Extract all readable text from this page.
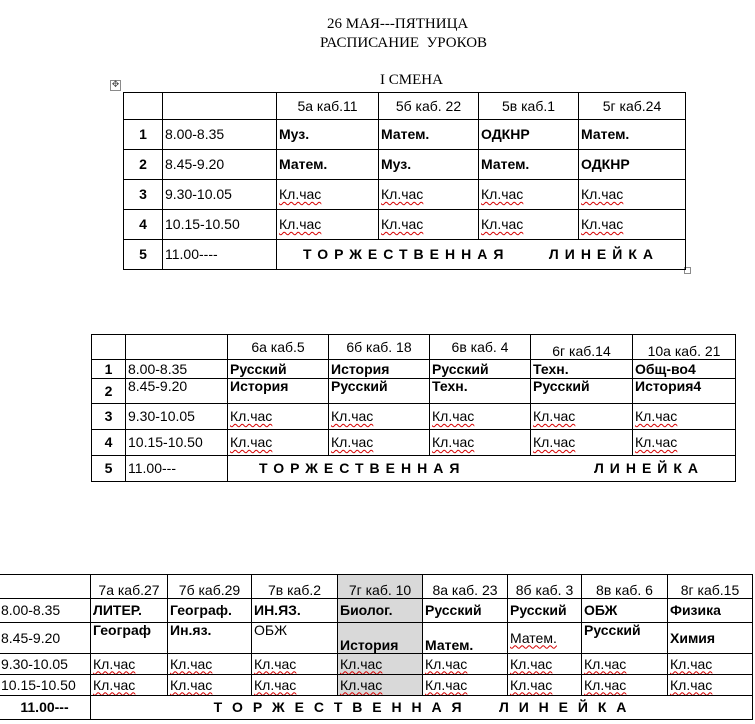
26 МАЯ---ПЯТНИЦА
РАСПИСАНИЕ  УРОКОВ
I СМЕНА
✥
		5а каб.11	5б каб. 22	5в каб.1	5г каб.24
1	8.00-8.35	Муз.	Матем.	ОДКНР	Матем.
2	8.45-9.20	Матем.	Муз.	Матем.	ОДКНР
3	9.30-10.05	Кл.час	Кл.час	Кл.час	Кл.час
4	10.15-10.50	Кл.час	Кл.час	Кл.час	Кл.час
5	11.00----	ТОРЖЕСТВЕННАЯ    ЛИНЕЙКА			
		6а каб.5	6б каб. 18	6в каб. 4	6г каб.14	10а каб. 21
1	8.00-8.35	Русский	История	Русский	Техн.	Общ-во4
2	8.45-9.20	История	Русский	Техн.	Русский	История4
3	9.30-10.05	Кл.час	Кл.час	Кл.час	Кл.час	Кл.час
4	10.15-10.50	Кл.час	Кл.час	Кл.час	Кл.час	Кл.час
5	11.00---	ТОРЖЕСТВЕННАЯ             ЛИНЕЙКА				
	7а каб.27	7б каб.29	7в каб.2	7г каб. 10	8а каб. 23	8б каб. 3	8в каб. 6	8г каб.15
8.00-8.35	ЛИТЕР.	Географ.	ИН.ЯЗ.	Биолог.	Русский	Русский	ОБЖ	Физика
8.45-9.20	Географ	Ин.яз.	ОБЖ	История	Матем.	Матем.	Русский	Химия
9.30-10.05	Кл.час	Кл.час	Кл.час	Кл.час	Кл.час	Кл.час	Кл.час	Кл.час
10.15-10.50	Кл.час	Кл.час	Кл.час	Кл.час	Кл.час	Кл.час	Кл.час	Кл.час
11.00---	Т О Р Ж Е С Т В Е Н Н А Я     Л И Н Е Й К А							
